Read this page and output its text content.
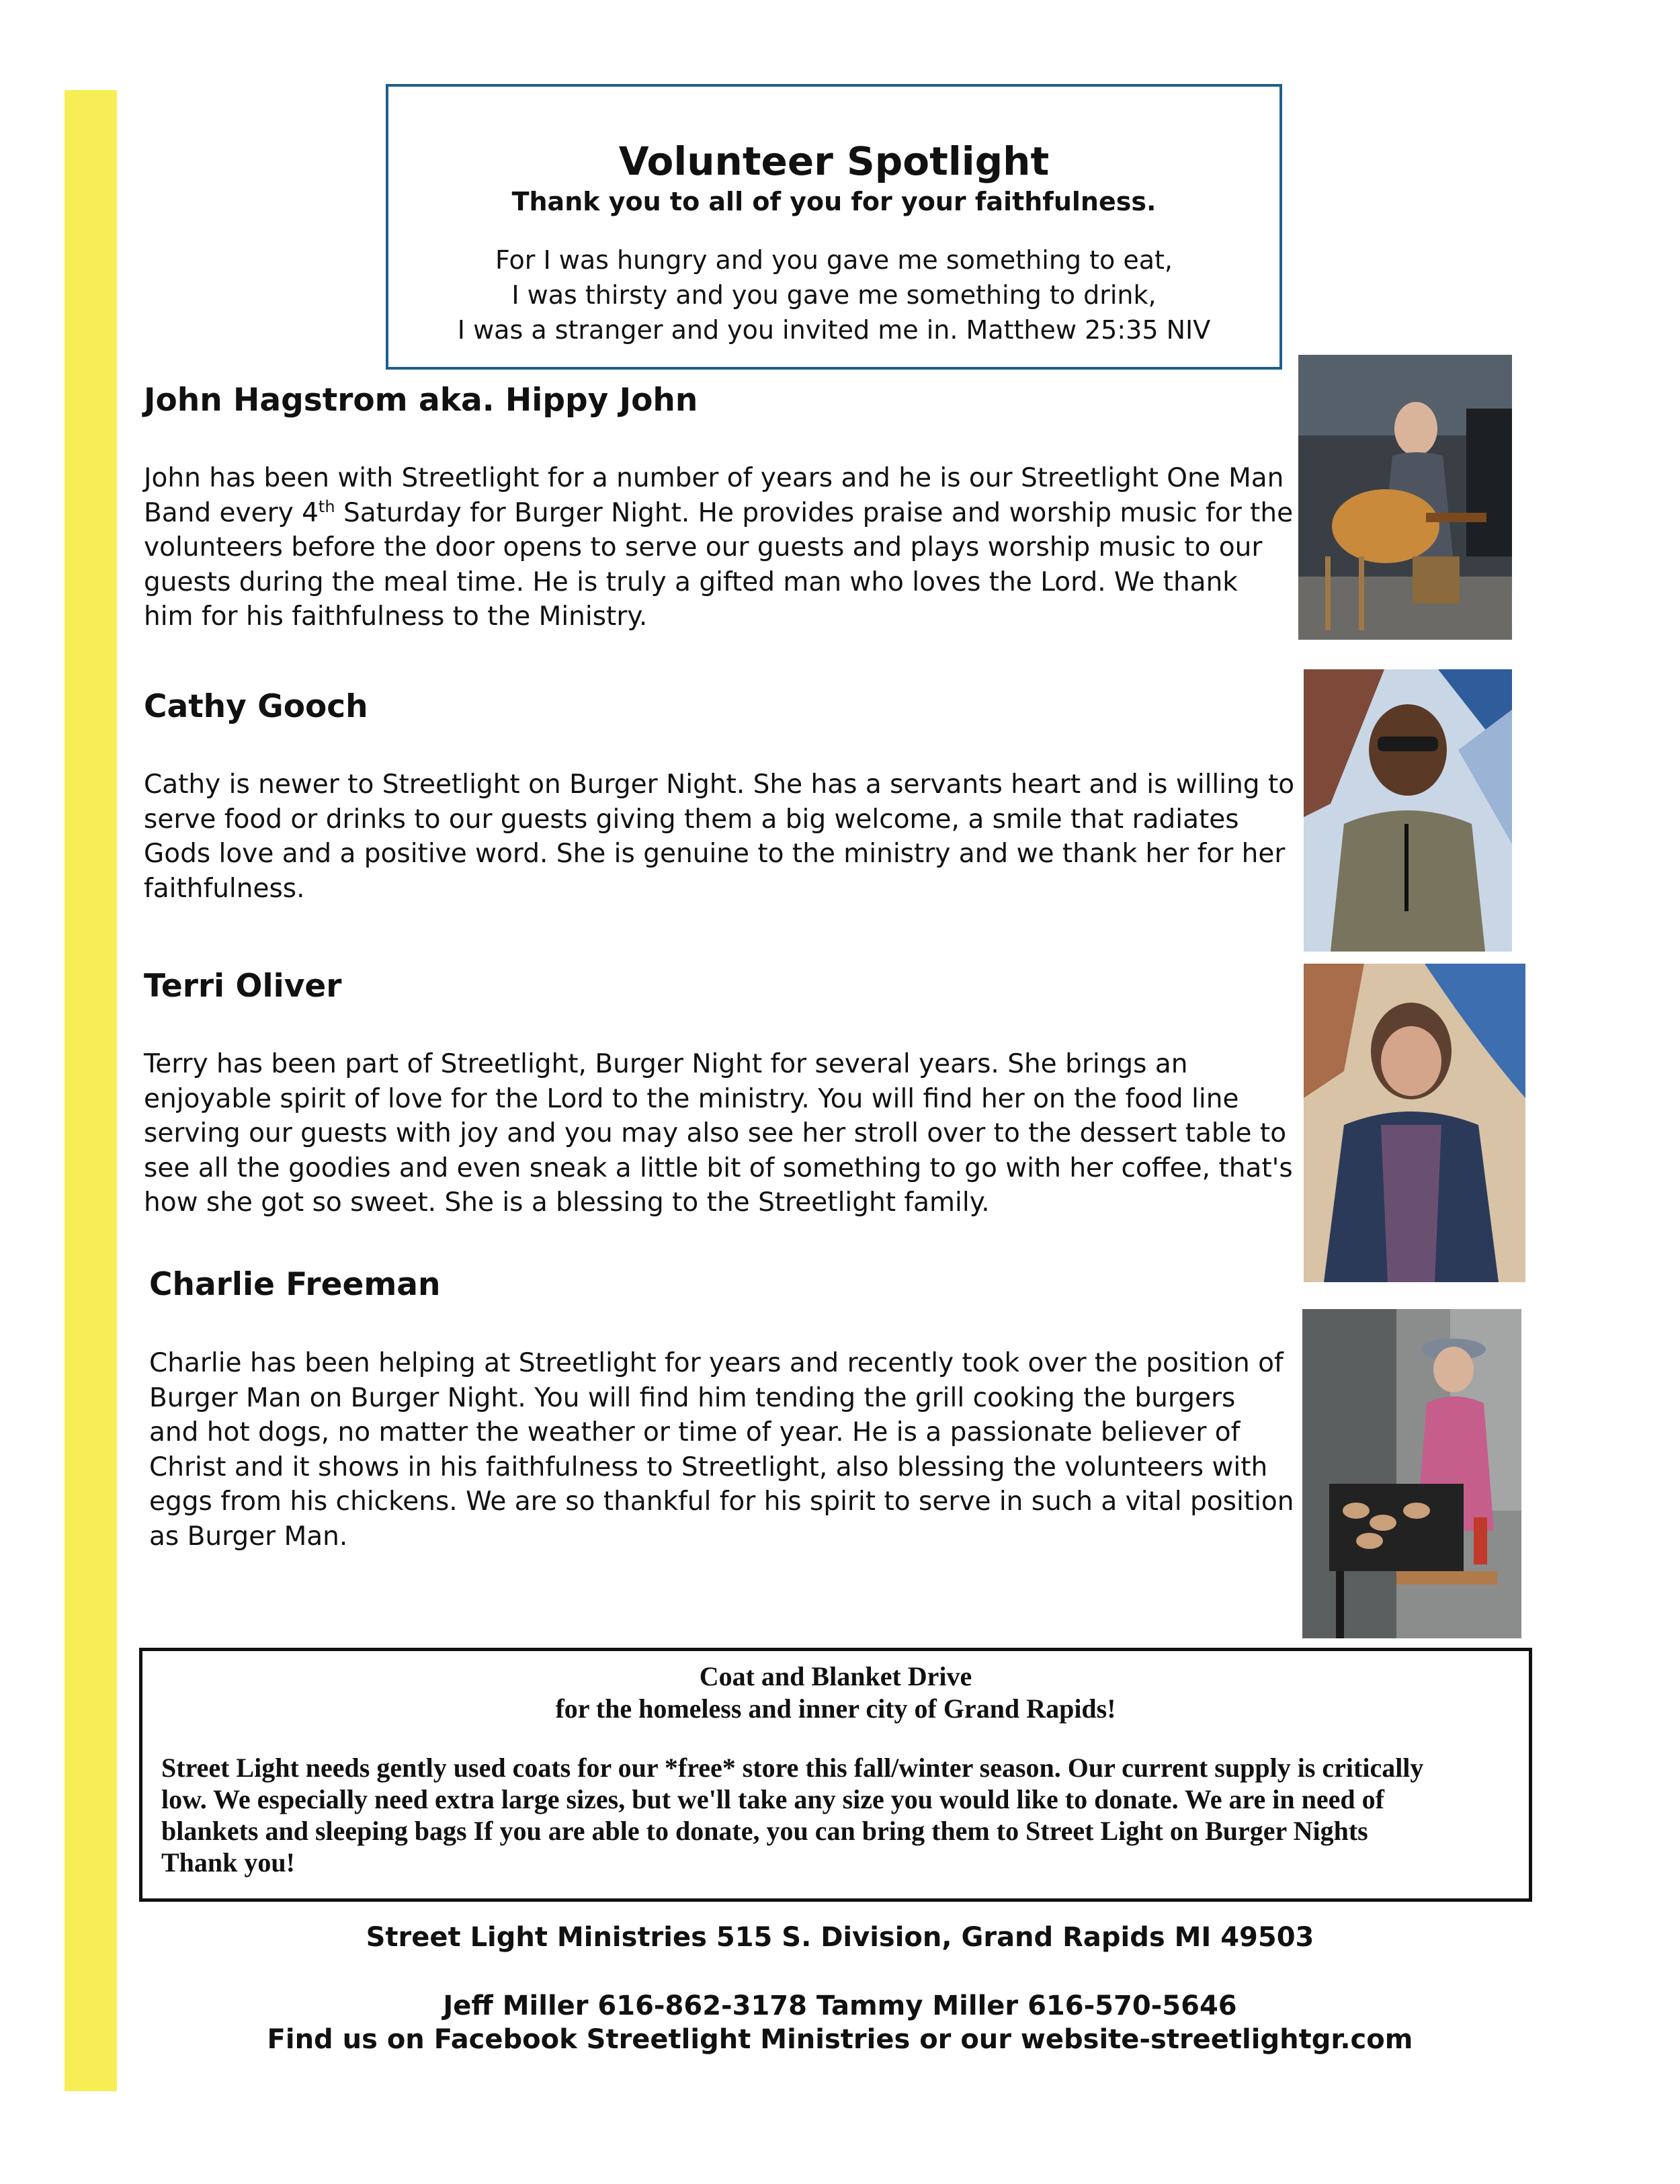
Volunteer Spotlight
Thank you to all of you for your faithfulness.
For I was hungry and you gave me something to eat,
I was thirsty and you gave me something to drink,
I was a stranger and you invited me in. Matthew 25:35 NIV
John Hagstrom aka. Hippy John
John has been with Streetlight for a number of years and he is our Streetlight One Man
Band every 4th Saturday for Burger Night. He provides praise and worship music for the
volunteers before the door opens to serve our guests and plays worship music to our
guests during the meal time. He is truly a gifted man who loves the Lord. We thank
him for his faithfulness to the Ministry.
Cathy Gooch
Cathy is newer to Streetlight on Burger Night. She has a servants heart and is willing to
serve food or drinks to our guests giving them a big welcome, a smile that radiates
Gods love and a positive word. She is genuine to the ministry and we thank her for her
faithfulness.
Terri Oliver
Terry has been part of Streetlight, Burger Night for several years. She brings an
enjoyable spirit of love for the Lord to the ministry. You will find her on the food line
serving our guests with joy and you may also see her stroll over to the dessert table to
see all the goodies and even sneak a little bit of something to go with her coffee, that's
how she got so sweet. She is a blessing to the Streetlight family.
Charlie Freeman
Charlie has been helping at Streetlight for years and recently took over the position of
Burger Man on Burger Night. You will find him tending the grill cooking the burgers
and hot dogs, no matter the weather or time of year. He is a passionate believer of
Christ and it shows in his faithfulness to Streetlight, also blessing the volunteers with
eggs from his chickens. We are so thankful for his spirit to serve in such a vital position
as Burger Man.
Coat and Blanket Drive
for the homeless and inner city of Grand Rapids!
Street Light needs gently used coats for our *free* store this fall/winter season. Our current supply is critically
low. We especially need extra large sizes, but we'll take any size you would like to donate. We are in need of
blankets and sleeping bags If you are able to donate, you can bring them to Street Light on Burger Nights
Thank you!
Street Light Ministries 515 S. Division, Grand Rapids MI 49503
Jeff Miller 616-862-3178 Tammy Miller 616-570-5646
Find us on Facebook Streetlight Ministries or our website-streetlightgr.com
